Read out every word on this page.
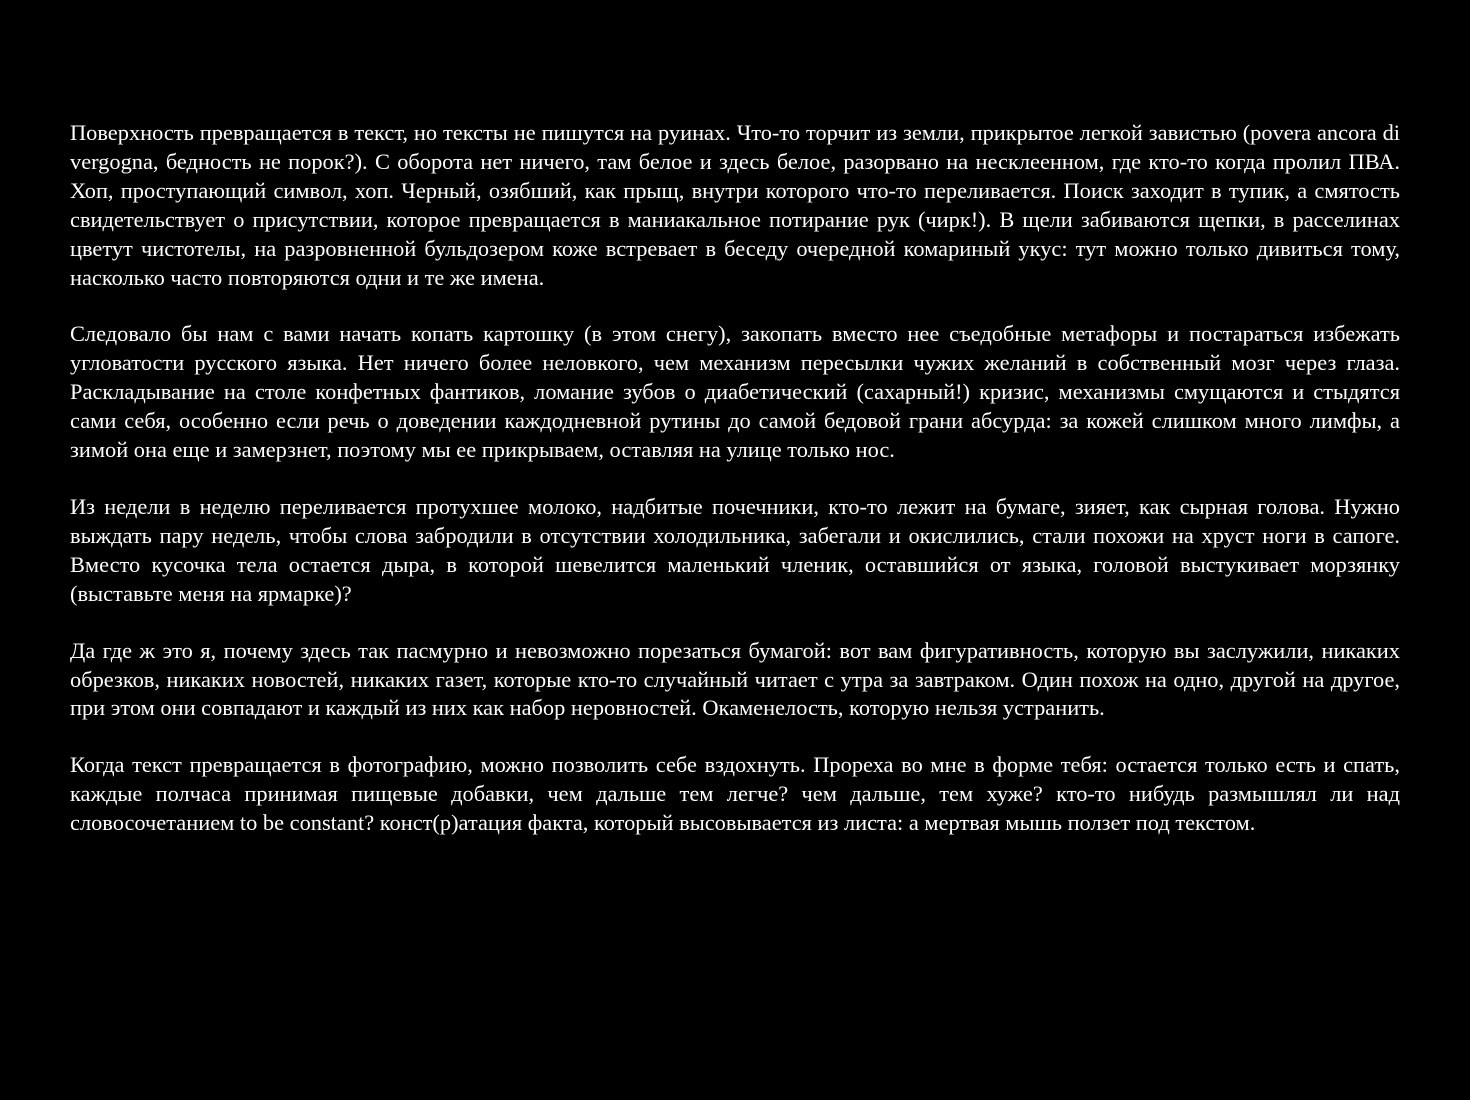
Поверхность превращается в текст, но тексты не пишутся на руинах. Что-то торчит из земли, прикрытое легкой завистью (povera ancora di vergogna, бедность не порок?). С оборота нет ничего, там белое и здесь белое, разорвано на несклеенном, где кто-то когда пролил ПВА. Хоп, проступающий символ, хоп. Черный, озябший, как прыщ, внутри которого что-то переливается. Поиск заходит в тупик, а смятость свидетельствует о присутствии, которое превращается в маниакальное потирание рук (чирк!). В щели забиваются щепки, в расселинах цветут чистотелы, на разровненной бульдозером коже встревает в беседу очередной комариный укус: тут можно только дивиться тому, насколько часто повторяются одни и те же имена.

Следовало бы нам с вами начать копать картошку (в этом снегу), закопать вместо нее съедобные метафоры и постараться избежать угловатости русского языка. Нет ничего более неловкого, чем механизм пересылки чужих желаний в собственный мозг через глаза. Раскладывание на столе конфетных фантиков, ломание зубов о диабетический (сахарный!) кризис, механизмы смущаются и стыдятся сами себя, особенно если речь о доведении каждодневной рутины до самой бедовой грани абсурда: за кожей слишком много лимфы, а зимой она еще и замерзнет, поэтому мы ее прикрываем, оставляя на улице только нос.

Из недели в неделю переливается протухшее молоко, надбитые почечники, кто-то лежит на бумаге, зияет, как сырная голова. Нужно выждать пару недель, чтобы слова забродили в отсутствии холодильника, забегали и окислились, стали похожи на хруст ноги в сапоге. Вместо кусочка тела остается дыра, в которой шевелится маленький членик, оставшийся от языка, головой выстукивает морзянку (выставьте меня на ярмарке)?

Да где ж это я, почему здесь так пасмурно и невозможно порезаться бумагой: вот вам фигуративность, которую вы заслужили, никаких обрезков, никаких новостей, никаких газет, которые кто-то случайный читает с утра за завтраком. Один похож на одно, другой на другое, при этом они совпадают и каждый из них как набор неровностей. Окаменелость, которую нельзя устранить.

Когда текст превращается в фотографию, можно позволить себе вздохнуть. Прореха во мне в форме тебя: остается только есть и спать, каждые полчаса принимая пищевые добавки, чем дальше тем легче? чем дальше, тем хуже? кто-то нибудь размышлял ли над словосочетанием to be constant? конст(р)атация факта, который высовывается из листа: а мертвая мышь ползет под текстом.
